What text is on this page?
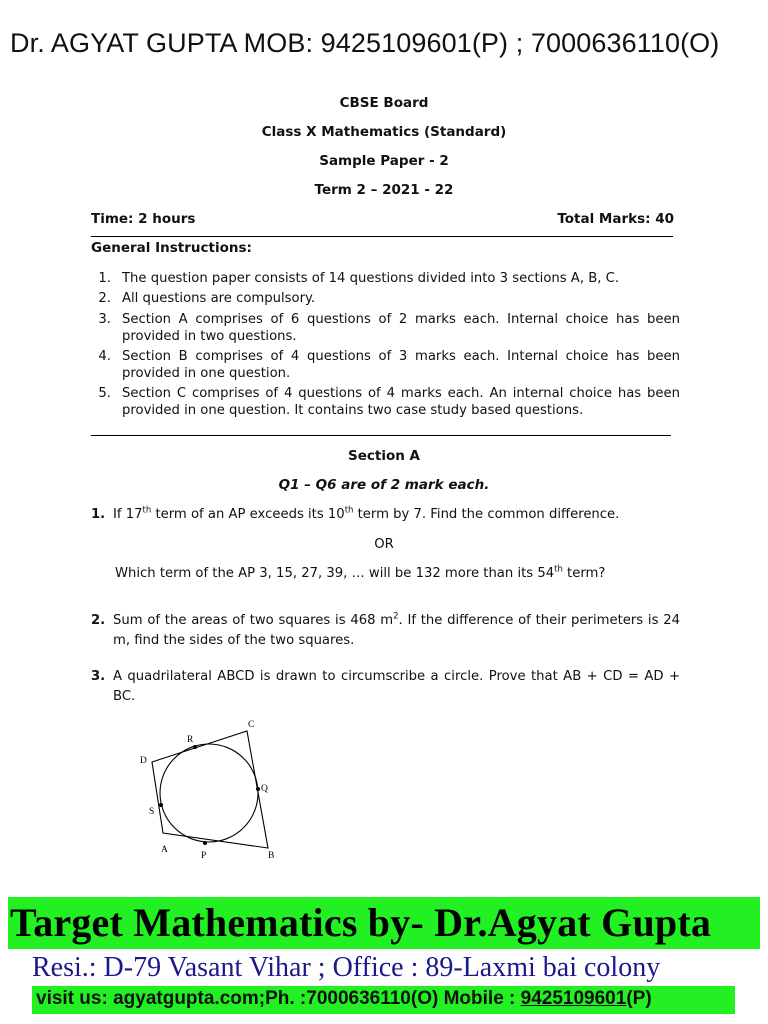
Dr. AGYAT GUPTA MOB: 9425109601(P) ; 7000636110(O)
CBSE Board
Class X Mathematics (Standard)
Sample Paper - 2
Term 2 – 2021 - 22
Time: 2 hours	Total Marks: 40
General Instructions:
1. The question paper consists of 14 questions divided into 3 sections A, B, C.
2. All questions are compulsory.
3. Section A comprises of 6 questions of 2 marks each. Internal choice has been provided in two questions.
4. Section B comprises of 4 questions of 3 marks each. Internal choice has been provided in one question.
5. Section C comprises of 4 questions of 4 marks each. An internal choice has been provided in one question. It contains two case study based questions.
Section A
Q1 – Q6 are of 2 mark each.
1. If 17th term of an AP exceeds its 10th term by 7. Find the common difference.
OR
Which term of the AP 3, 15, 27, 39, … will be 132 more than its 54th term?
2. Sum of the areas of two squares is 468 $m^2$. If the difference of their perimeters is 24 m, find the sides of the two squares.
3. A quadrilateral ABCD is drawn to circumscribe a circle. Prove that AB + CD = AD + BC.
C
D
R
Q
S
A
P	B
Target Mathematics by- Dr.Agyat Gupta
Resi.: D-79 Vasant Vihar ; Office : 89-Laxmi bai colony
visit us: agyatgupta.com;Ph. :7000636110(O) Mobile : 9425109601(P)
